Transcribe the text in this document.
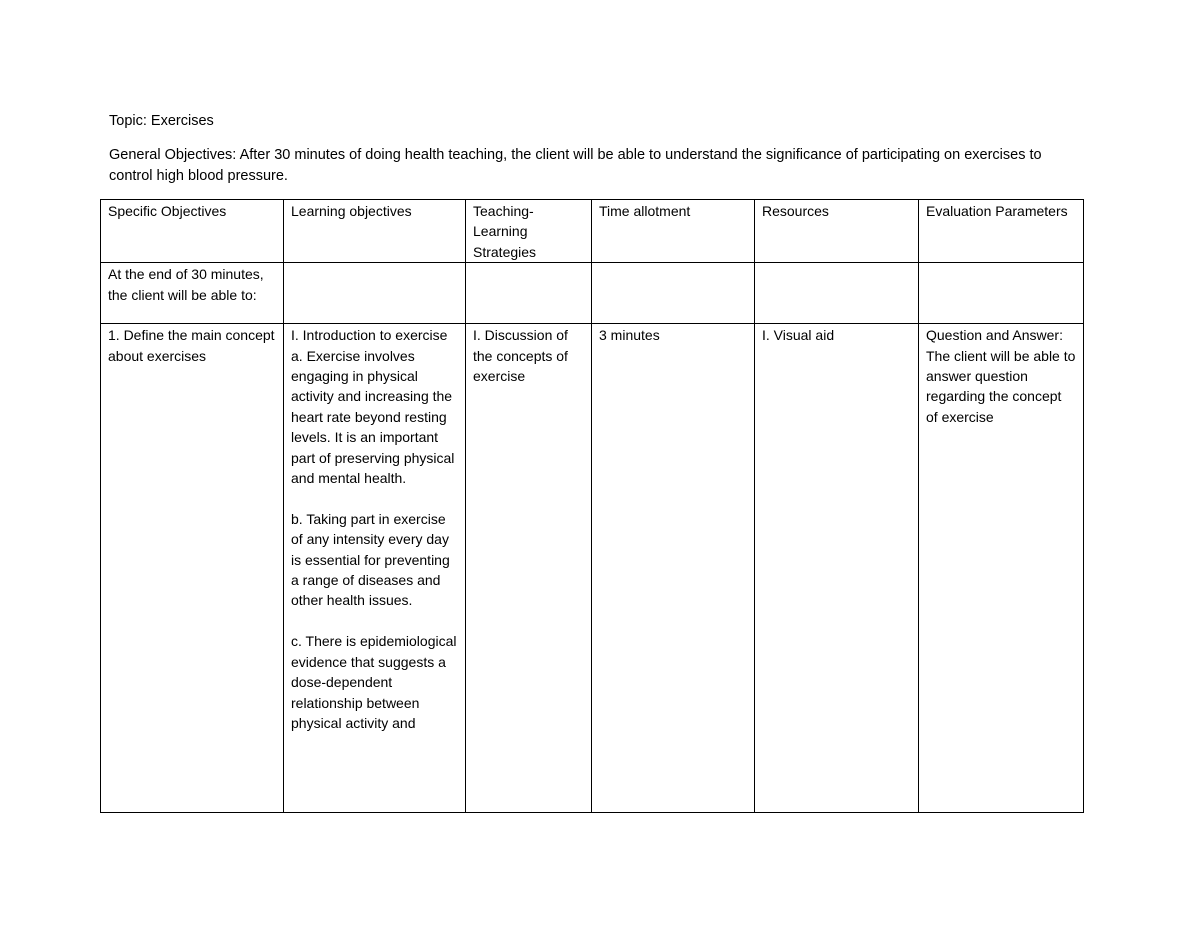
Topic: Exercises
General Objectives: After 30 minutes of doing health teaching, the client will be able to understand the significance of participating on exercises to control high blood pressure.
Specific Objectives	Learning objectives	Teaching-Learning Strategies	Time allotment	Resources	Evaluation Parameters
At the end of 30 minutes, the client will be able to:					
1. Define the main concept about exercises	I. Introduction to exercise

a. Exercise involves engaging in physical activity and increasing the heart rate beyond resting levels. It is an important part of preserving physical and mental health.

b. Taking part in exercise of any intensity every day is essential for preventing a range of diseases and other health issues.

c. There is epidemiological evidence that suggests a dose-dependent relationship between physical activity and	I. Discussion of the concepts of exercise	3 minutes	I. Visual aid	Question and Answer: The client will be able to answer question regarding the concept of exercise
